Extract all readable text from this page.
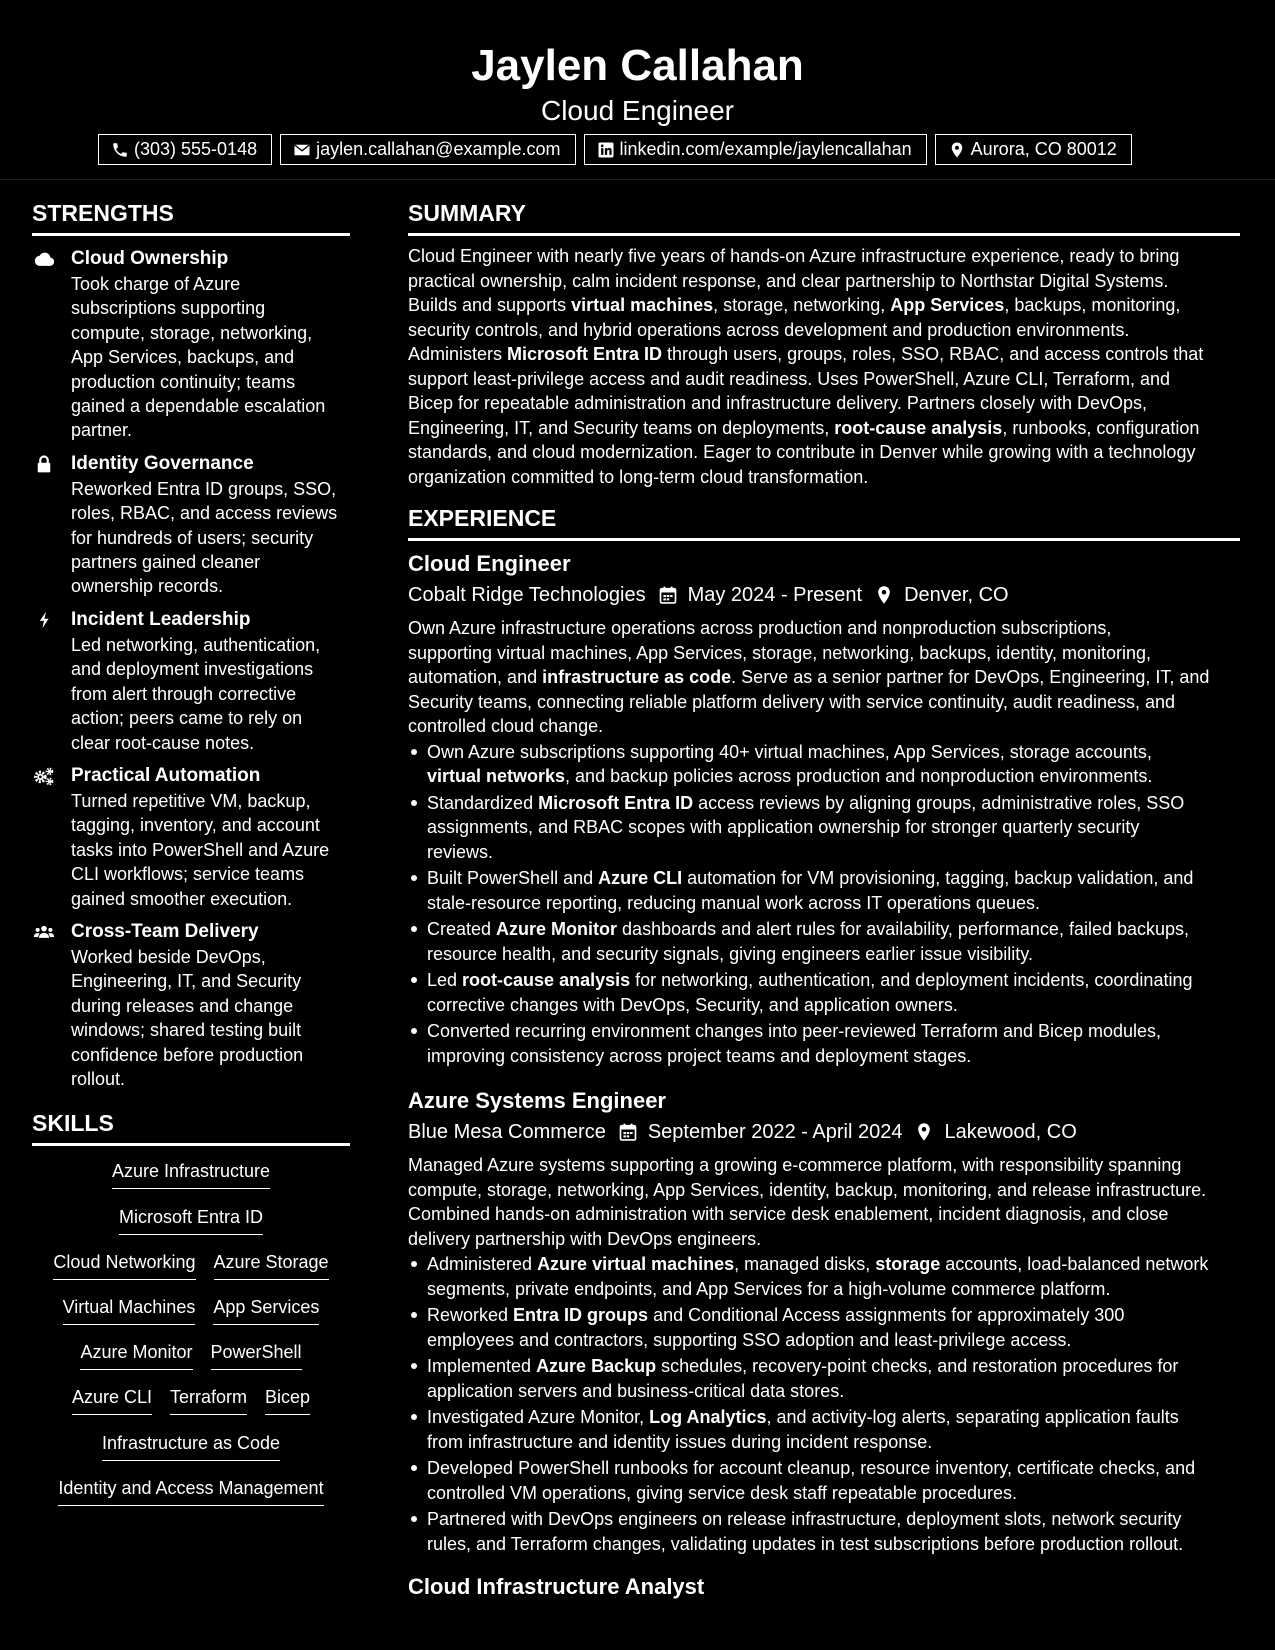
Jaylen Callahan
Cloud Engineer
(303) 555-0148	jaylen.callahan@example.com	linkedin.com/example/jaylencallahan	Aurora, CO 80012
STRENGTHS
Cloud Ownership
Took charge of Azure
subscriptions supporting
compute, storage, networking,
App Services, backups, and
production continuity; teams
gained a dependable escalation
partner.
Identity Governance
Reworked Entra ID groups, SSO,
roles, RBAC, and access reviews
for hundreds of users; security
partners gained cleaner
ownership records.
Incident Leadership
Led networking, authentication,
and deployment investigations
from alert through corrective
action; peers came to rely on
clear root-cause notes.
Practical Automation
Turned repetitive VM, backup,
tagging, inventory, and account
tasks into PowerShell and Azure
CLI workflows; service teams
gained smoother execution.
Cross-Team Delivery
Worked beside DevOps,
Engineering, IT, and Security
during releases and change
windows; shared testing built
confidence before production
rollout.
SKILLS
Azure Infrastructure
Microsoft Entra ID
Cloud Networking Azure Storage
Virtual Machines App Services
Azure Monitor PowerShell
Azure CLI Terraform Bicep
Infrastructure as Code
Identity and Access Management
SUMMARY
Cloud Engineer with nearly five years of hands-on Azure infrastructure experience, ready to bring
practical ownership, calm incident response, and clear partnership to Northstar Digital Systems.
Builds and supports virtual machines, storage, networking, App Services, backups, monitoring,
security controls, and hybrid operations across development and production environments.
Administers Microsoft Entra ID through users, groups, roles, SSO, RBAC, and access controls that
support least-privilege access and audit readiness. Uses PowerShell, Azure CLI, Terraform, and
Bicep for repeatable administration and infrastructure delivery. Partners closely with DevOps,
Engineering, IT, and Security teams on deployments, root-cause analysis, runbooks, configuration
standards, and cloud modernization. Eager to contribute in Denver while growing with a technology
organization committed to long-term cloud transformation.
EXPERIENCE
Cloud Engineer
Cobalt Ridge Technologies May 2024 - Present Denver, CO
Own Azure infrastructure operations across production and nonproduction subscriptions,
supporting virtual machines, App Services, storage, networking, backups, identity, monitoring,
automation, and infrastructure as code. Serve as a senior partner for DevOps, Engineering, IT, and
Security teams, connecting reliable platform delivery with service continuity, audit readiness, and
controlled cloud change.
Own Azure subscriptions supporting 40+ virtual machines, App Services, storage accounts,
virtual networks, and backup policies across production and nonproduction environments.
Standardized Microsoft Entra ID access reviews by aligning groups, administrative roles, SSO
assignments, and RBAC scopes with application ownership for stronger quarterly security
reviews.
Built PowerShell and Azure CLI automation for VM provisioning, tagging, backup validation, and
stale-resource reporting, reducing manual work across IT operations queues.
Created Azure Monitor dashboards and alert rules for availability, performance, failed backups,
resource health, and security signals, giving engineers earlier issue visibility.
Led root-cause analysis for networking, authentication, and deployment incidents, coordinating
corrective changes with DevOps, Security, and application owners.
Converted recurring environment changes into peer-reviewed Terraform and Bicep modules,
improving consistency across project teams and deployment stages.
Azure Systems Engineer
Blue Mesa Commerce September 2022 - April 2024 Lakewood, CO
Managed Azure systems supporting a growing e-commerce platform, with responsibility spanning
compute, storage, networking, App Services, identity, backup, monitoring, and release infrastructure.
Combined hands-on administration with service desk enablement, incident diagnosis, and close
delivery partnership with DevOps engineers.
Administered Azure virtual machines, managed disks, storage accounts, load-balanced network
segments, private endpoints, and App Services for a high-volume commerce platform.
Reworked Entra ID groups and Conditional Access assignments for approximately 300
employees and contractors, supporting SSO adoption and least-privilege access.
Implemented Azure Backup schedules, recovery-point checks, and restoration procedures for
application servers and business-critical data stores.
Investigated Azure Monitor, Log Analytics, and activity-log alerts, separating application faults
from infrastructure and identity issues during incident response.
Developed PowerShell runbooks for account cleanup, resource inventory, certificate checks, and
controlled VM operations, giving service desk staff repeatable procedures.
Partnered with DevOps engineers on release infrastructure, deployment slots, network security
rules, and Terraform changes, validating updates in test subscriptions before production rollout.
Cloud Infrastructure Analyst
